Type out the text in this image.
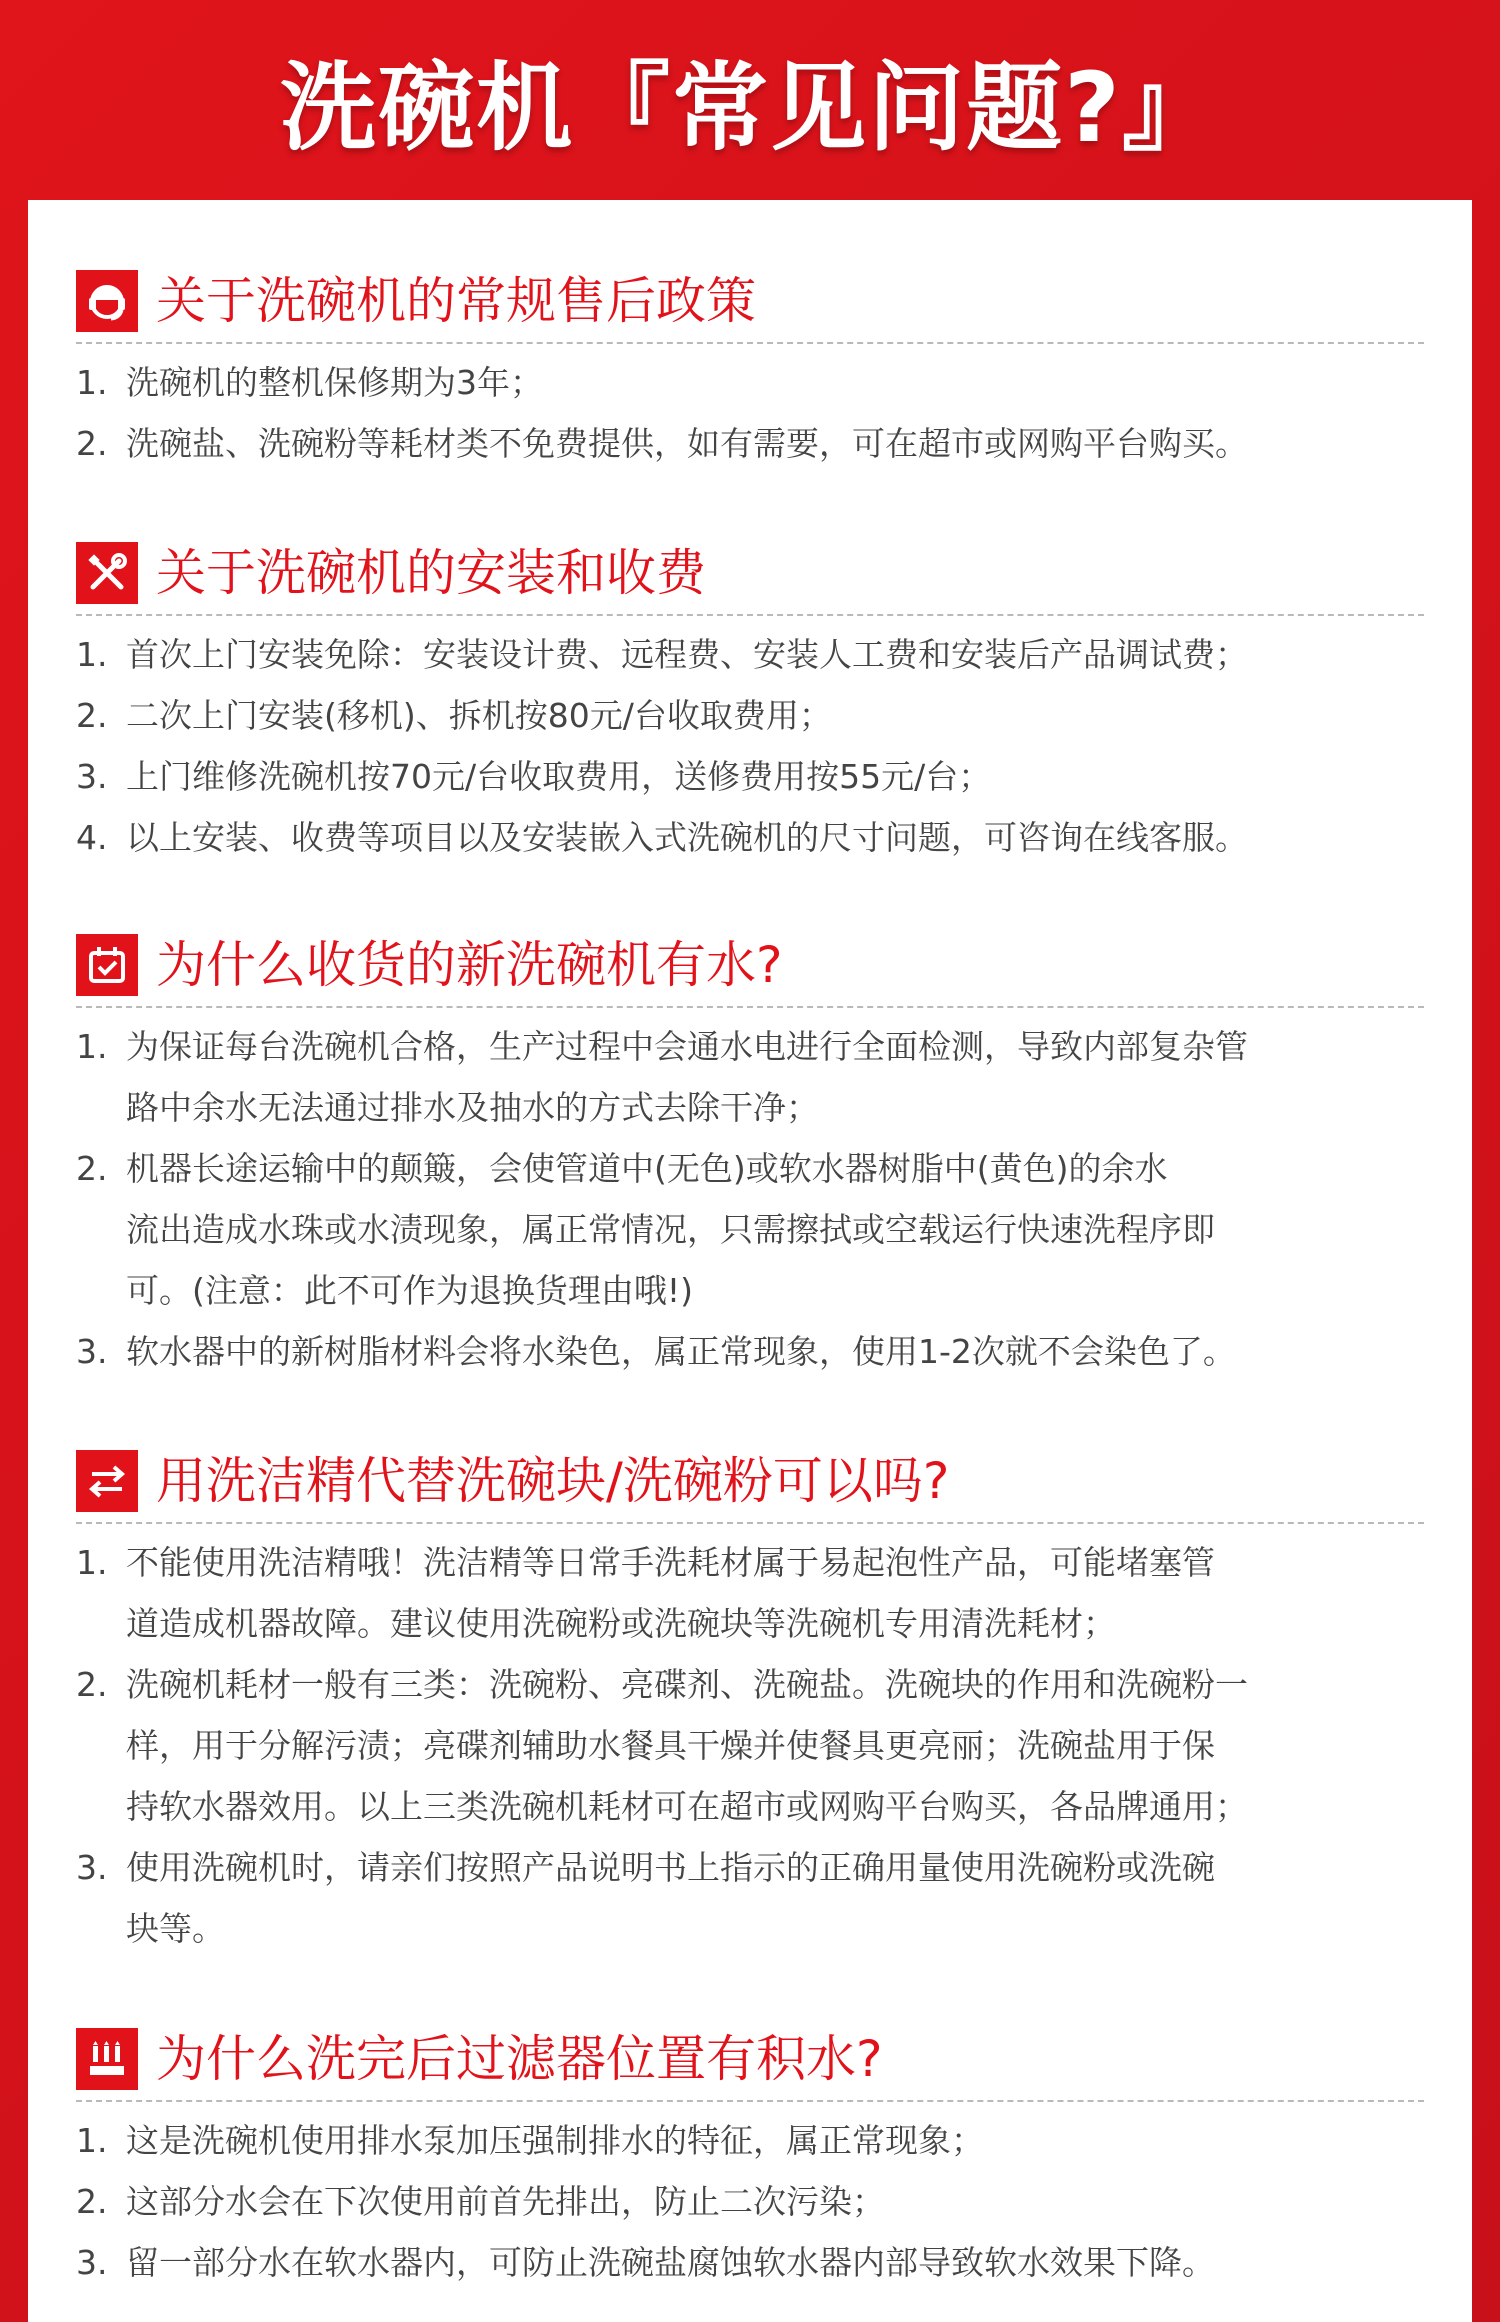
洗碗机『常见问题?』
关于洗碗机的常规售后政策
1. 洗碗机的整机保修期为3年；
2. 洗碗盐、洗碗粉等耗材类不免费提供，如有需要，可在超市或网购平台购买。
关于洗碗机的安装和收费
1. 首次上门安装免除：安装设计费、远程费、安装人工费和安装后产品调试费；
2. 二次上门安装(移机)、拆机按80元/台收取费用；
3. 上门维修洗碗机按70元/台收取费用，送修费用按55元/台；
4. 以上安装、收费等项目以及安装嵌入式洗碗机的尺寸问题，可咨询在线客服。
为什么收货的新洗碗机有水?
1. 为保证每台洗碗机合格，生产过程中会通水电进行全面检测，导致内部复杂管
路中余水无法通过排水及抽水的方式去除干净；
2. 机器长途运输中的颠簸，会使管道中(无色)或软水器树脂中(黄色)的余水
流出造成水珠或水渍现象，属正常情况，只需擦拭或空载运行快速洗程序即
可。(注意：此不可作为退换货理由哦!)
3. 软水器中的新树脂材料会将水染色，属正常现象，使用1-2次就不会染色了。
用洗洁精代替洗碗块/洗碗粉可以吗?
1. 不能使用洗洁精哦！洗洁精等日常手洗耗材属于易起泡性产品，可能堵塞管
道造成机器故障。建议使用洗碗粉或洗碗块等洗碗机专用清洗耗材；
2. 洗碗机耗材一般有三类：洗碗粉、亮碟剂、洗碗盐。洗碗块的作用和洗碗粉一
样，用于分解污渍；亮碟剂辅助水餐具干燥并使餐具更亮丽；洗碗盐用于保
持软水器效用。以上三类洗碗机耗材可在超市或网购平台购买，各品牌通用；
3. 使用洗碗机时，请亲们按照产品说明书上指示的正确用量使用洗碗粉或洗碗
块等。
为什么洗完后过滤器位置有积水?
1. 这是洗碗机使用排水泵加压强制排水的特征，属正常现象；
2. 这部分水会在下次使用前首先排出，防止二次污染；
3. 留一部分水在软水器内，可防止洗碗盐腐蚀软水器内部导致软水效果下降。
